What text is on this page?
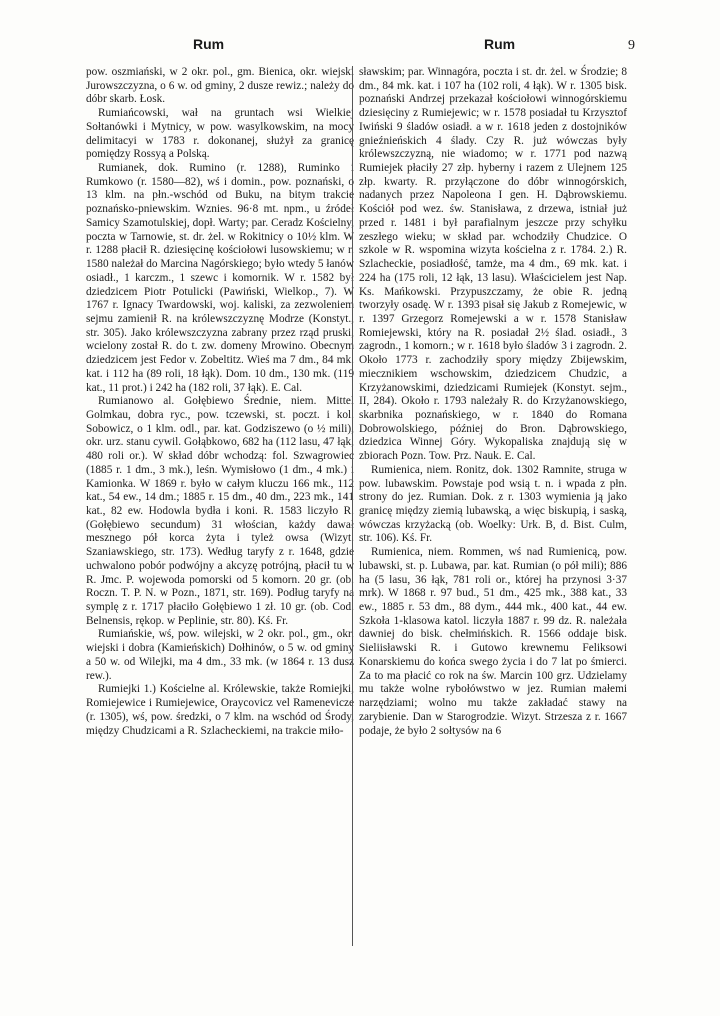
Rum	Rum	9

pow. oszmiański, w 2 okr. pol., gm. Bienica, okr. wiejski Jurowszczyzna, o 6 w. od gminy, 2 dusze rewiz.; należy do dóbr skarb. Łosk.

Rumiańcowski, wał na gruntach wsi Wielkiej Sołtanówki i Mytnicy, w pow. wasylkowskim, na mocy delimitacyi w 1783 r. dokonanej, służył za granicę pomiędzy Rossyą a Polską.

Rumianek, dok. Rumino (r. 1288), Ruminko i Rumkowo (r. 1580—82), wś i domin., pow. poznański, o 13 klm. na płn.-wschód od Buku, na bitym trakcie poznańsko-pniewskim. Wznies. 96·8 mt. npm., u źródeł Samicy Szamotulskiej, dopł. Warty; par. Ceradz Kościelny, poczta w Tarnowie, st. dr. żel. w Rokitnicy o 10½ klm. W r. 1288 płacił R. dziesięcinę kościołowi lusowskiemu; w r. 1580 należał do Marcina Nagórskiego; było wtedy 5 łanów osiadł., 1 karczm., 1 szewc i komornik. W r. 1582 był dziedzicem Piotr Potulicki (Pawiński, Wielkop., 7). W 1767 r. Ignacy Twardowski, woj. kaliski, za zezwoleniem sejmu zamienił R. na królewszczyznę Modrze (Konstyt., str. 305). Jako królewszczyzna zabrany przez rząd pruski, wcielony został R. do t. zw. domeny Mrowino. Obecnym dziedzicem jest Fedor v. Zobeltitz. Wieś ma 7 dm., 84 mk. kat. i 112 ha (89 roli, 18 łąk). Dom. 10 dm., 130 mk. (119 kat., 11 prot.) i 242 ha (182 roli, 37 łąk). E. Cal.

Rumianowo al. Gołębiewo Średnie, niem. Mittel Golmkau, dobra ryc., pow. tczewski, st. poczt. i kol. Sobowicz, o 1 klm. odl., par. kat. Godziszewo (o ½ mili), okr. urz. stanu cywil. Gołąbkowo, 682 ha (112 lasu, 47 łąk, 480 roli or.). W skład dóbr wchodzą: fol. Szwagrowiec (1885 r. 1 dm., 3 mk.), leśn. Wymisłowo (1 dm., 4 mk.) i Kamionka. W 1869 r. było w całym kluczu 166 mk., 112 kat., 54 ew., 14 dm.; 1885 r. 15 dm., 40 dm., 223 mk., 141 kat., 82 ew. Hodowla bydła i koni. R. 1583 liczyło R. (Gołębiewo secundum) 31 włościan, każdy dawał mesznego pół korca żyta i tyleż owsa (Wizyt. Szaniawskiego, str. 173). Według taryfy z r. 1648, gdzie uchwalono pobór podwójny a akcyzę potrójną, płacił tu w R. Jmc. P. wojewoda pomorski od 5 komorn. 20 gr. (ob. Roczn. T. P. N. w Pozn., 1871, str. 169). Podług taryfy na symplę z r. 1717 płaciło Gołębiewo 1 zł. 10 gr. (ob. Cod. Belnensis, rękop. w Peplinie, str. 80). Kś. Fr.

Rumiańskie, wś, pow. wilejski, w 2 okr. pol., gm., okr. wiejski i dobra (Kamieńskich) Dołhinów, o 5 w. od gminy a 50 w. od Wilejki, ma 4 dm., 33 mk. (w 1864 r. 13 dusz rew.).

Rumiejki 1.) Kościelne al. Królewskie, także Romiejki, Romiejewice i Rumiejewice, Oraycovicz vel Ramenevicze (r. 1305), wś, pow. średzki, o 7 klm. na wschód od Środy, między Chudzicami a R. Szlacheckiemi, na trakcie miło-

sławskim; par. Winnagóra, poczta i st. dr. żel. w Środzie; 8 dm., 84 mk. kat. i 107 ha (102 roli, 4 łąk). W r. 1305 bisk. poznański Andrzej przekazał kościołowi winnogórskiemu dziesięciny z Rumiejewic; w r. 1578 posiadał tu Krzysztof Iwiński 9 śladów osiadł. a w r. 1618 jeden z dostojników gnieźnieńskich 4 ślady. Czy R. już wówczas były królewszczyzną, nie wiadomo; w r. 1771 pod nazwą Rumiejek płaciły 27 złp. hyberny i razem z Ulejnem 125 złp. kwarty. R. przyłączone do dóbr winnogórskich, nadanych przez Napoleona I gen. H. Dąbrowskiemu. Kościół pod wez. św. Stanisława, z drzewa, istniał już przed r. 1481 i był parafialnym jeszcze przy schyłku zeszłego wieku; w skład par. wchodziły Chudzice. O szkole w R. wspomina wizyta kościelna z r. 1784. 2.) R. Szlacheckie, posiadłość, tamże, ma 4 dm., 69 mk. kat. i 224 ha (175 roli, 12 łąk, 13 lasu). Właścicielem jest Nap. Ks. Mańkowski. Przypuszczamy, że obie R. jedną tworzyły osadę. W r. 1393 pisał się Jakub z Romejewic, w r. 1397 Grzegorz Romejewski a w r. 1578 Stanisław Romiejewski, który na R. posiadał 2½ ślad. osiadł., 3 zagrodn., 1 komorn.; w r. 1618 było śladów 3 i zagrodn. 2. Około 1773 r. zachodziły spory między Zbijewskim, miecznikiem wschowskim, dziedzicem Chudzic, a Krzyżanowskimi, dziedzicami Rumiejek (Konstyt. sejm., II, 284). Około r. 1793 należały R. do Krzyżanowskiego, skarbnika poznańskiego, w r. 1840 do Romana Dobrowolskiego, później do Bron. Dąbrowskiego, dziedzica Winnej Góry. Wykopaliska znajdują się w zbiorach Pozn. Tow. Prz. Nauk. E. Cal.

Rumienica, niem. Ronitz, dok. 1302 Ramnite, struga w pow. lubawskim. Powstaje pod wsią t. n. i wpada z płn. strony do jez. Rumian. Dok. z r. 1303 wymienia ją jako granicę między ziemią lubawską, a więc biskupią, i saską, wówczas krzyżacką (ob. Woelky: Urk. B, d. Bist. Culm, str. 106). Kś. Fr.

Rumienica, niem. Rommen, wś nad Rumienicą, pow. lubawski, st. p. Lubawa, par. kat. Rumian (o pół mili); 886 ha (5 lasu, 36 łąk, 781 roli or., której ha przynosi 3·37 mrk). W 1868 r. 97 bud., 51 dm., 425 mk., 388 kat., 33 ew., 1885 r. 53 dm., 88 dym., 444 mk., 400 kat., 44 ew. Szkoła 1-klasowa katol. liczyła 1887 r. 99 dz. R. należała dawniej do bisk. chełmińskich. R. 1566 oddaje bisk. Sieliisławski R. i Gutowo krewnemu Feliksowi Konarskiemu do końca swego życia i do 7 lat po śmierci. Za to ma płacić co rok na św. Marcin 100 grz. Udzielamy mu także wolne rybołówstwo w jez. Rumian małemi narzędziami; wolno mu także zakładać stawy na zarybienie. Dan w Starogrodzie. Wizyt. Strzesza z r. 1667 podaje, że było 2 sołtysów na 6
